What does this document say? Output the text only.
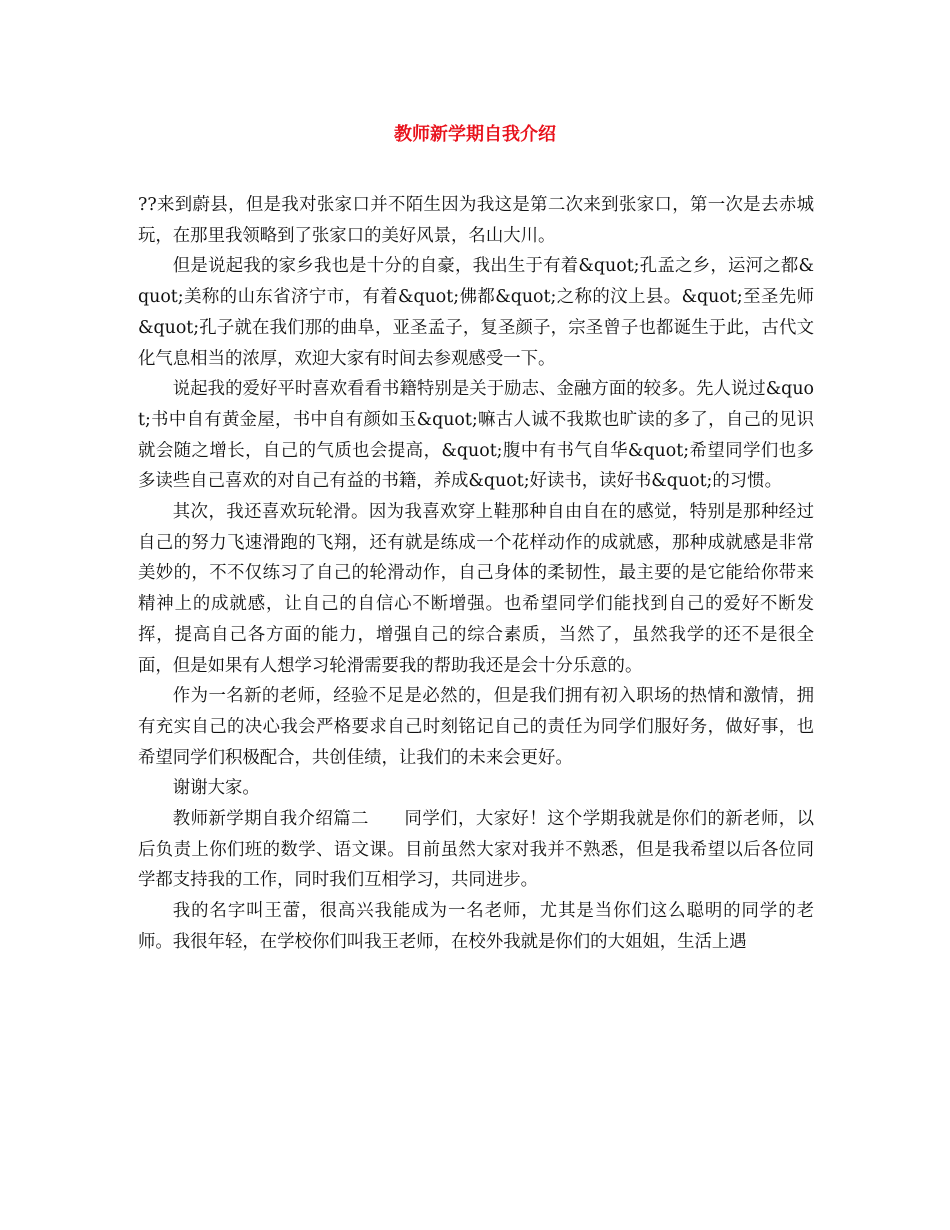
教师新学期自我介绍

??来到蔚县，但是我对张家口并不陌生因为我这是第二次来到张家口，第一次是去赤城玩，在那里我领略到了张家口的美好风景，名山大川。

但是说起我的家乡我也是十分的自豪，我出生于有着&quot;孔孟之乡，运河之都&quot;美称的山东省济宁市，有着&quot;佛都&quot;之称的汶上县。&quot;至圣先师&quot;孔子就在我们那的曲阜，亚圣孟子，复圣颜子，宗圣曾子也都诞生于此，古代文化气息相当的浓厚，欢迎大家有时间去参观感受一下。

说起我的爱好平时喜欢看看书籍特别是关于励志、金融方面的较多。先人说过&quot;书中自有黄金屋，书中自有颜如玉&quot;嘛古人诚不我欺也旷读的多了，自己的见识就会随之增长，自己的气质也会提高，&quot;腹中有书气自华&quot;希望同学们也多多读些自己喜欢的对自己有益的书籍，养成&quot;好读书，读好书&quot;的习惯。

其次，我还喜欢玩轮滑。因为我喜欢穿上鞋那种自由自在的感觉，特别是那种经过自己的努力飞速滑跑的飞翔，还有就是练成一个花样动作的成就感，那种成就感是非常美妙的，不不仅练习了自己的轮滑动作，自己身体的柔韧性，最主要的是它能给你带来精神上的成就感，让自己的自信心不断增强。也希望同学们能找到自己的爱好不断发挥，提高自己各方面的能力，增强自己的综合素质，当然了，虽然我学的还不是很全面，但是如果有人想学习轮滑需要我的帮助我还是会十分乐意的。

作为一名新的老师，经验不足是必然的，但是我们拥有初入职场的热情和激情，拥有充实自己的决心我会严格要求自己时刻铭记自己的责任为同学们服好务，做好事，也希望同学们积极配合，共创佳绩，让我们的未来会更好。

谢谢大家。

教师新学期自我介绍篇二　　同学们，大家好！这个学期我就是你们的新老师，以后负责上你们班的数学、语文课。目前虽然大家对我并不熟悉，但是我希望以后各位同学都支持我的工作，同时我们互相学习，共同进步。

我的名字叫王蕾，很高兴我能成为一名老师，尤其是当你们这么聪明的同学的老师。我很年轻，在学校你们叫我王老师，在校外我就是你们的大姐姐，生活上遇
